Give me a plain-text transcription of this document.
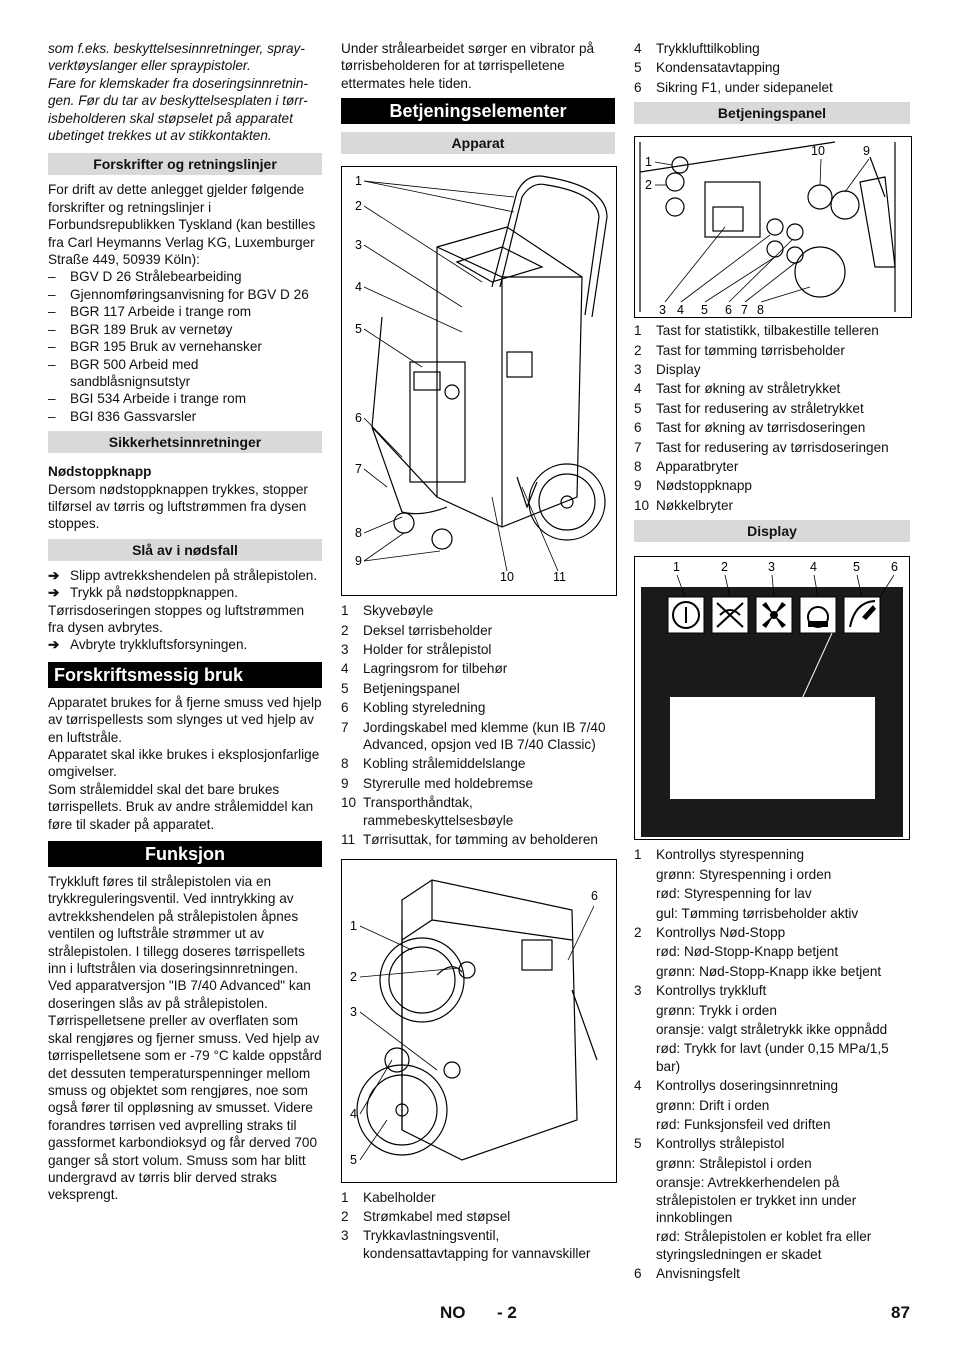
som f.eks. beskyttelsesinnretninger, spray-

verktøyslanger eller spraypistoler.

Fare for klemskader fra doseringsinnretnin-

gen. Før du tar av beskyttelsesplaten i tørr-

isbeholderen skal støpselet på apparatet

ubetinget trekkes ut av stikkontakten.

Forskrifter og retningslinjer

For drift av dette anlegget gjelder følgende forskrifter og retningslinjer i Forbundsrepublikken Tyskland (kan bestilles fra Carl Heymanns Verlag KG, Luxemburger Straße 449, 50939 Köln):

– BGV D 26 Strålebearbeiding
– Gjennomføringsanvisning for BGV D 26
– BGR 117 Arbeide i trange rom
– BGR 189 Bruk av vernetøy
– BGR 195 Bruk av vernehansker
– BGR 500 Arbeid med sandblåsnignsutstyr
– BGI 534 Arbeide i trange rom
– BGI 836 Gassvarsler
Sikkerhetsinnretninger

Nødstoppknapp

Dersom nødstoppknappen trykkes, stopper tilførsel av tørris og luftstrømmen fra dysen stoppes.

Slå av i nødsfall
➔ Slipp avtrekkshendelen på strålepistolen.
➔ Trykk på nødstoppknappen.

Tørrisdoseringen stoppes og luftstrømmen fra dysen avbrytes.

➔ Avbryte trykkluftsforsyningen.
Forskriftsmessig bruk

Apparatet brukes for å fjerne smuss ved hjelp av tørrispellests som slynges ut ved hjelp av en luftstråle.

Apparatet skal ikke brukes i eksplosjonfarlige omgivelser.

Som strålemiddel skal det bare brukes tørrispellets. Bruk av andre strålemiddel kan føre til skader på apparatet.

Funksjon

Trykkluft føres til strålepistolen via en trykkreguleringsventil. Ved inntrykking av avtrekkshendelen på strålepistolen åpnes ventilen og luftstråle strømmer ut av strålepistolen. I tillegg doseres tørrispellets inn i luftstrålen via doseringsinnretningen. Ved apparatversjon "IB 7/40 Advanced" kan doseringen slås av på strålepistolen. Tørrispelletsene preller av overflaten som skal rengjøres og fjerner smuss. Ved hjelp av tørrispelletsene som er -79 °C kalde oppstård det dessuten temperaturspenninger mellom smuss og objektet som rengjøres, noe som også fører til oppløsning av smusset. Videre forandres tørrisen ved avprelling straks til gassformet karbondioksyd og får derved 700 ganger så stort volum. Smuss som har blitt undergravd av tørris blir derved straks veksprengt.

Under strålearbeidet sørger en vibrator på tørrisbeholderen for at tørrispelletene ettermates hele tiden.

Betjeningselementer
Apparat
1
2
3
4
5
6
7
8
9
10	11
1 Skyvebøyle
2 Deksel tørrisbeholder
3 Holder for strålepistol
4 Lagringsrom for tilbehør
5 Betjeningspanel
6 Kobling styreledning
7 Jordingskabel med klemme (kun IB 7/40 Advanced, opsjon ved IB 7/40 Classic)
8 Kobling strålemiddelslange
9 Styrerulle med holdebremse
10 Transporthåndtak, rammebeskyttelsesbøyle
11 Tørrisuttak, for tømming av beholderen
1
2
3
4
5
6
1 Kabelholder
2 Strømkabel med støpsel
3 Trykkavlastningsventil, kondensattavtapping for vannavskiller
4 Trykklufttilkobling
5 Kondensatavtapping
6 Sikring F1, under sidepanelet
Betjeningspanel
1
2
10	9
3 4 5 6 7 8
1 Tast for statistikk, tilbakestille telleren
2 Tast for tømming tørrisbeholder
3 Display
4 Tast for økning av stråletrykket
5 Tast for redusering av stråletrykket
6 Tast for økning av tørrisdoseringen
7 Tast for redusering av tørrisdoseringen
8 Apparatbryter
9 Nødstoppknapp
10 Nøkkelbryter
Display
1	2	3	4	5 6
1 Kontrollys styrespenning
grønn: Styrespenning i orden
rød: Styrespenning for lav
gul: Tømming tørrisbeholder aktiv
2 Kontrollys Nød-Stopp
rød: Nød-Stopp-Knapp betjent
grønn: Nød-Stopp-Knapp ikke betjent
3 Kontrollys trykkluft
grønn: Trykk i orden
oransje: valgt stråletrykk ikke oppnådd
rød: Trykk for lavt (under 0,15 MPa/1,5 bar)
4 Kontrollys doseringsinnretning
grønn: Drift i orden
rød: Funksjonsfeil ved driften
5 Kontrollys strålepistol
grønn: Strålepistol i orden
oransje: Avtrekkerhendelen på strålepistolen er trykket inn under innkoblingen
rød: Strålepistolen er koblet fra eller styringsledningen er skadet
6 Anvisningsfelt
NO - 2	87
